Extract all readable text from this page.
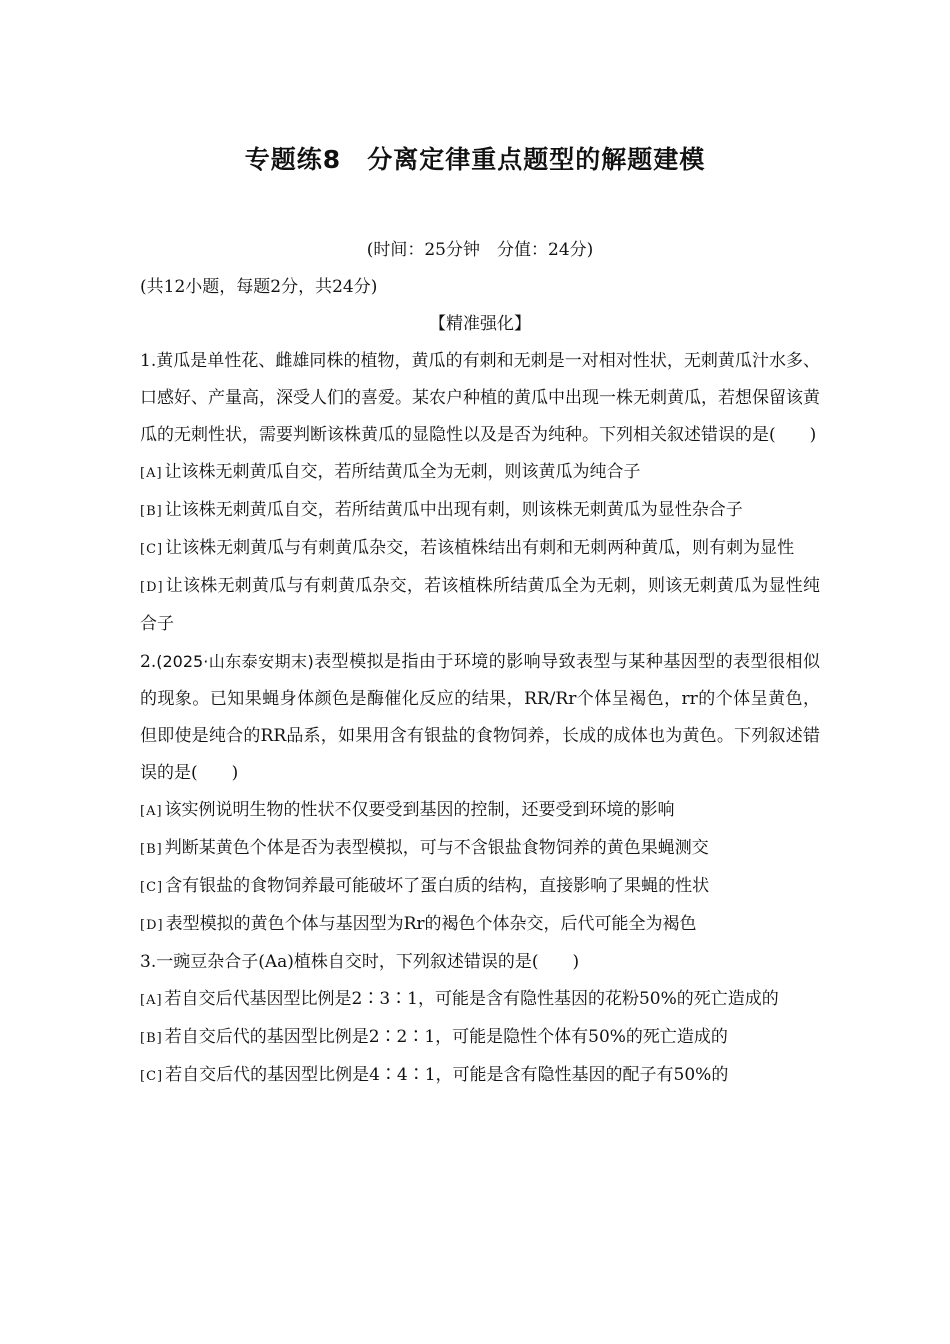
专题练8　分离定律重点题型的解题建模
(时间：25分钟　分值：24分)

(共12小题，每题2分，共24分)

【精准强化】

1.黄瓜是单性花、雌雄同株的植物，黄瓜的有刺和无刺是一对相对性状，无刺黄瓜汁水多、口感好、产量高，深受人们的喜爱。某农户种植的黄瓜中出现一株无刺黄瓜，若想保留该黄瓜的无刺性状，需要判断该株黄瓜的显隐性以及是否为纯种。下列相关叙述错误的是(　　)

[A] 让该株无刺黄瓜自交，若所结黄瓜全为无刺，则该黄瓜为纯合子

[B] 让该株无刺黄瓜自交，若所结黄瓜中出现有刺，则该株无刺黄瓜为显性杂合子

[C] 让该株无刺黄瓜与有刺黄瓜杂交，若该植株结出有刺和无刺两种黄瓜，则有刺为显性

[D] 让该株无刺黄瓜与有刺黄瓜杂交，若该植株所结黄瓜全为无刺，则该无刺黄瓜为显性纯合子

2.(2025·山东泰安期末)表型模拟是指由于环境的影响导致表型与某种基因型的表型很相似的现象。已知果蝇身体颜色是酶催化反应的结果，RR/Rr个体呈褐色，rr的个体呈黄色，但即使是纯合的RR品系，如果用含有银盐的食物饲养，长成的成体也为黄色。下列叙述错误的是(　　)

[A] 该实例说明生物的性状不仅要受到基因的控制，还要受到环境的影响

[B] 判断某黄色个体是否为表型模拟，可与不含银盐食物饲养的黄色果蝇测交

[C] 含有银盐的食物饲养最可能破坏了蛋白质的结构，直接影响了果蝇的性状

[D] 表型模拟的黄色个体与基因型为Rr的褐色个体杂交，后代可能全为褐色

3.一豌豆杂合子(Aa)植株自交时，下列叙述错误的是(　　)

[A] 若自交后代基因型比例是2∶3∶1，可能是含有隐性基因的花粉50%的死亡造成的

[B] 若自交后代的基因型比例是2∶2∶1，可能是隐性个体有50%的死亡造成的

[C] 若自交后代的基因型比例是4∶4∶1，可能是含有隐性基因的配子有50%的
